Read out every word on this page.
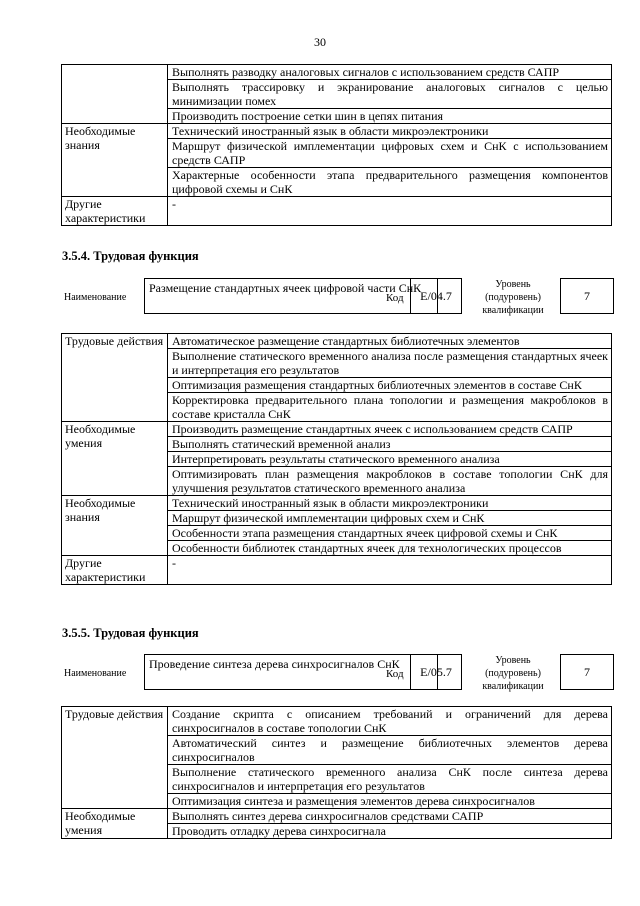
30
	Выполнять разводку аналоговых сигналов с использованием средств САПР
	Выполнять трассировку и экранирование аналоговых сигналов с целью минимизации помех
	Производить построение сетки шин в цепях питания
Необходимые знания	Технический иностранный язык в области микроэлектроники
	Маршрут физической имплементации цифровых схем и СнК с использованием средств САПР
	Характерные особенности этапа предварительного размещения компонентов цифровой схемы и СнК
Другие характеристики	-
3.5.4. Трудовая функция
Наименование
Размещение стандартных ячеек цифровой части СнК
Код	E/04.7
Уровень (подуровень) квалификации
7
Трудовые действия	Автоматическое размещение стандартных библиотечных элементов
	Выполнение статического временного анализа после размещения стандартных ячеек и интерпретация его результатов
	Оптимизация размещения стандартных библиотечных элементов в составе СнК
	Корректировка предварительного плана топологии и размещения макроблоков в составе кристалла СнК
Необходимые умения	Производить размещение стандартных ячеек с использованием средств САПР
	Выполнять статический временной анализ
	Интерпретировать результаты статического временного анализа
	Оптимизировать план размещения макроблоков в составе топологии СнК для улучшения результатов статического временного анализа
Необходимые знания	Технический иностранный язык в области микроэлектроники
	Маршрут физической имплементации цифровых схем и СнК
	Особенности этапа размещения стандартных ячеек цифровой схемы и СнК
	Особенности библиотек стандартных ячеек для технологических процессов
Другие характеристики	-
3.5.5. Трудовая функция
Наименование
Проведение синтеза дерева синхросигналов СнК
Код	E/05.7
Уровень (подуровень) квалификации
7
Трудовые действия	Создание скрипта с описанием требований и ограничений для дерева синхросигналов в составе топологии СнК
	Автоматический синтез и размещение библиотечных элементов дерева синхросигналов
	Выполнение статического временного анализа СнК после синтеза дерева синхросигналов и интерпретация его результатов
	Оптимизация синтеза и размещения элементов дерева синхросигналов
Необходимые умения	Выполнять синтез дерева синхросигналов средствами САПР
	Проводить отладку дерева синхросигнала
